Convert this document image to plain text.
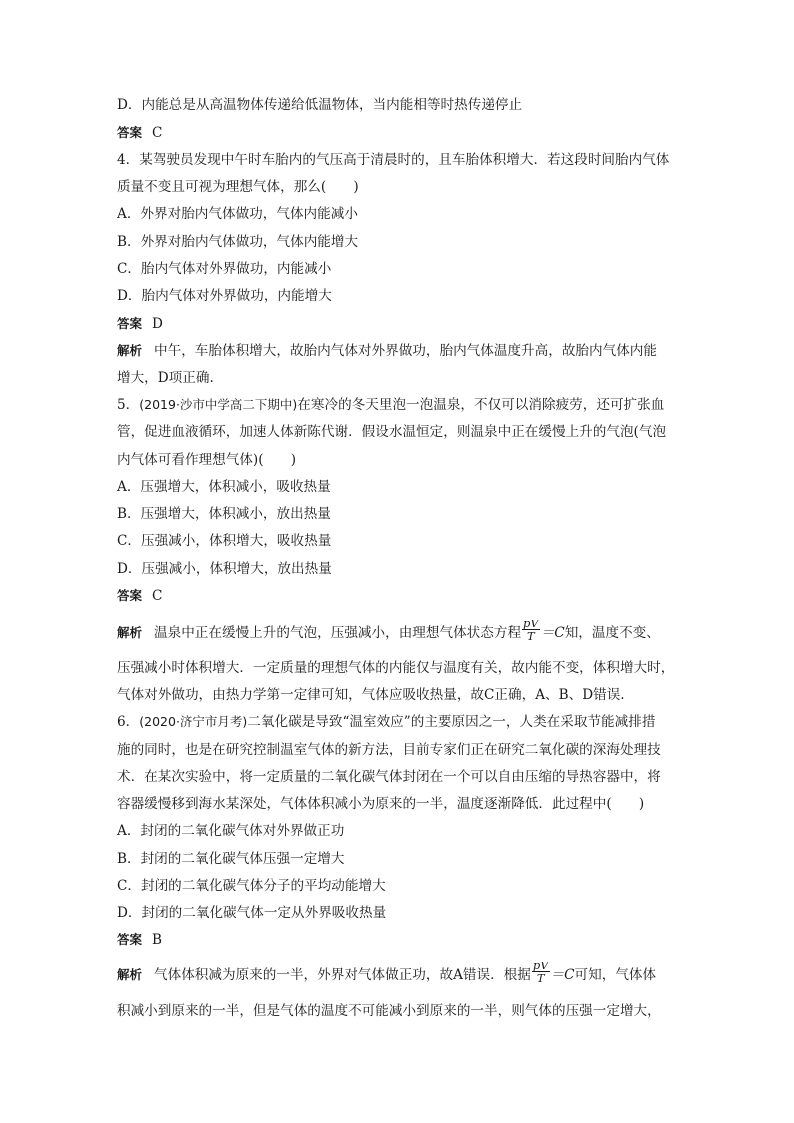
D．内能总是从高温物体传递给低温物体，当内能相等时热传递停止
答案 C
4．某驾驶员发现中午时车胎内的气压高于清晨时的，且车胎体积增大．若这段时间胎内气体
质量不变且可视为理想气体，那么(　　)
A．外界对胎内气体做功，气体内能减小
B．外界对胎内气体做功，气体内能增大
C．胎内气体对外界做功，内能减小
D．胎内气体对外界做功，内能增大
答案 D
解析 中午，车胎体积增大，故胎内气体对外界做功，胎内气体温度升高，故胎内气体内能
增大，D项正确.
5．(2019·沙市中学高二下期中)在寒冷的冬天里泡一泡温泉，不仅可以消除疲劳，还可扩张血
管，促进血液循环，加速人体新陈代谢．假设水温恒定，则温泉中正在缓慢上升的气泡(气泡
内气体可看作理想气体)(　　)
A．压强增大，体积减小，吸收热量
B．压强增大，体积减小，放出热量
C．压强减小，体积增大，吸收热量
D．压强减小，体积增大，放出热量
答案 C
解析 温泉中正在缓慢上升的气泡，压强减小，由理想气体状态方程 $\frac{pV}{T} =C$知，温度不变、
压强减小时体积增大．一定质量的理想气体的内能仅与温度有关，故内能不变，体积增大时，
气体对外做功，由热力学第一定律可知，气体应吸收热量，故C正确，A、B、D错误.
6．(2020·济宁市月考)二氧化碳是导致“温室效应”的主要原因之一，人类在采取节能减排措
施的同时，也是在研究控制温室气体的新方法，目前专家们正在研究二氧化碳的深海处理技
术．在某次实验中，将一定质量的二氧化碳气体封闭在一个可以自由压缩的导热容器中，将
容器缓慢移到海水某深处，气体体积减小为原来的一半，温度逐渐降低．此过程中(　　)
A．封闭的二氧化碳气体对外界做正功
B．封闭的二氧化碳气体压强一定增大
C．封闭的二氧化碳气体分子的平均动能增大
D．封闭的二氧化碳气体一定从外界吸收热量
答案 B
解析 气体体积减为原来的一半，外界对气体做正功，故A错误．根据 $\frac{pV}{T} =C$可知，气体体
积减小到原来的一半，但是气体的温度不可能减小到原来的一半，则气体的压强一定增大，
